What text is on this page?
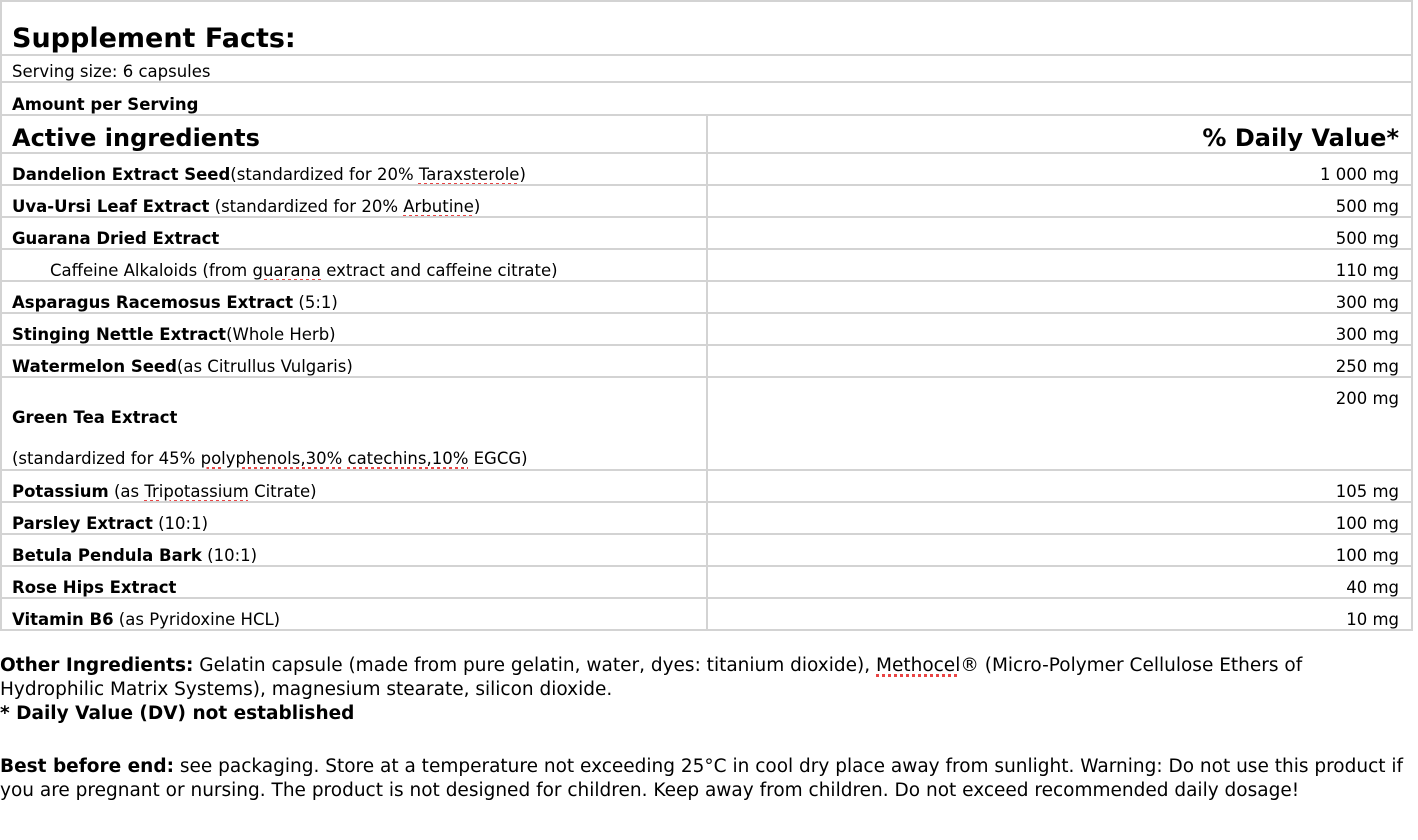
Supplement Facts:	
Serving size: 6 capsules	
Amount per Serving	
Active ingredients	% Daily Value*
Dandelion Extract Seed(standardized for 20% Taraxsterole)	1 000 mg
Uva-Ursi Leaf Extract (standardized for 20% Arbutine)	500 mg
Guarana Dried Extract	500 mg
Caffeine Alkaloids (from guarana extract and caffeine citrate)	110 mg
Asparagus Racemosus Extract (5:1)	300 mg
Stinging Nettle Extract(Whole Herb)	300 mg
Watermelon Seed(as Citrullus Vulgaris)	250 mg

Green Tea Extract
(standardized for 45% polyphenols,30% catechins,10% EGCG)	200 mg
Potassium (as Tripotassium Citrate)	105 mg
Parsley Extract (10:1)	100 mg
Betula Pendula Bark (10:1)	100 mg
Rose Hips Extract	40 mg
Vitamin B6 (as Pyridoxine HCL)	10 mg

Other Ingredients: Gelatin capsule (made from pure gelatin, water, dyes: titanium dioxide), Methocel® (Micro-Polymer Cellulose Ethers of Hydrophilic Matrix Systems), magnesium stearate, silicon dioxide.

* Daily Value (DV) not established

Best before end: see packaging. Store at a temperature not exceeding 25°C in cool dry place away from sunlight. Warning: Do not use this product if you are pregnant or nursing. The product is not designed for children. Keep away from children. Do not exceed recommended daily dosage!
